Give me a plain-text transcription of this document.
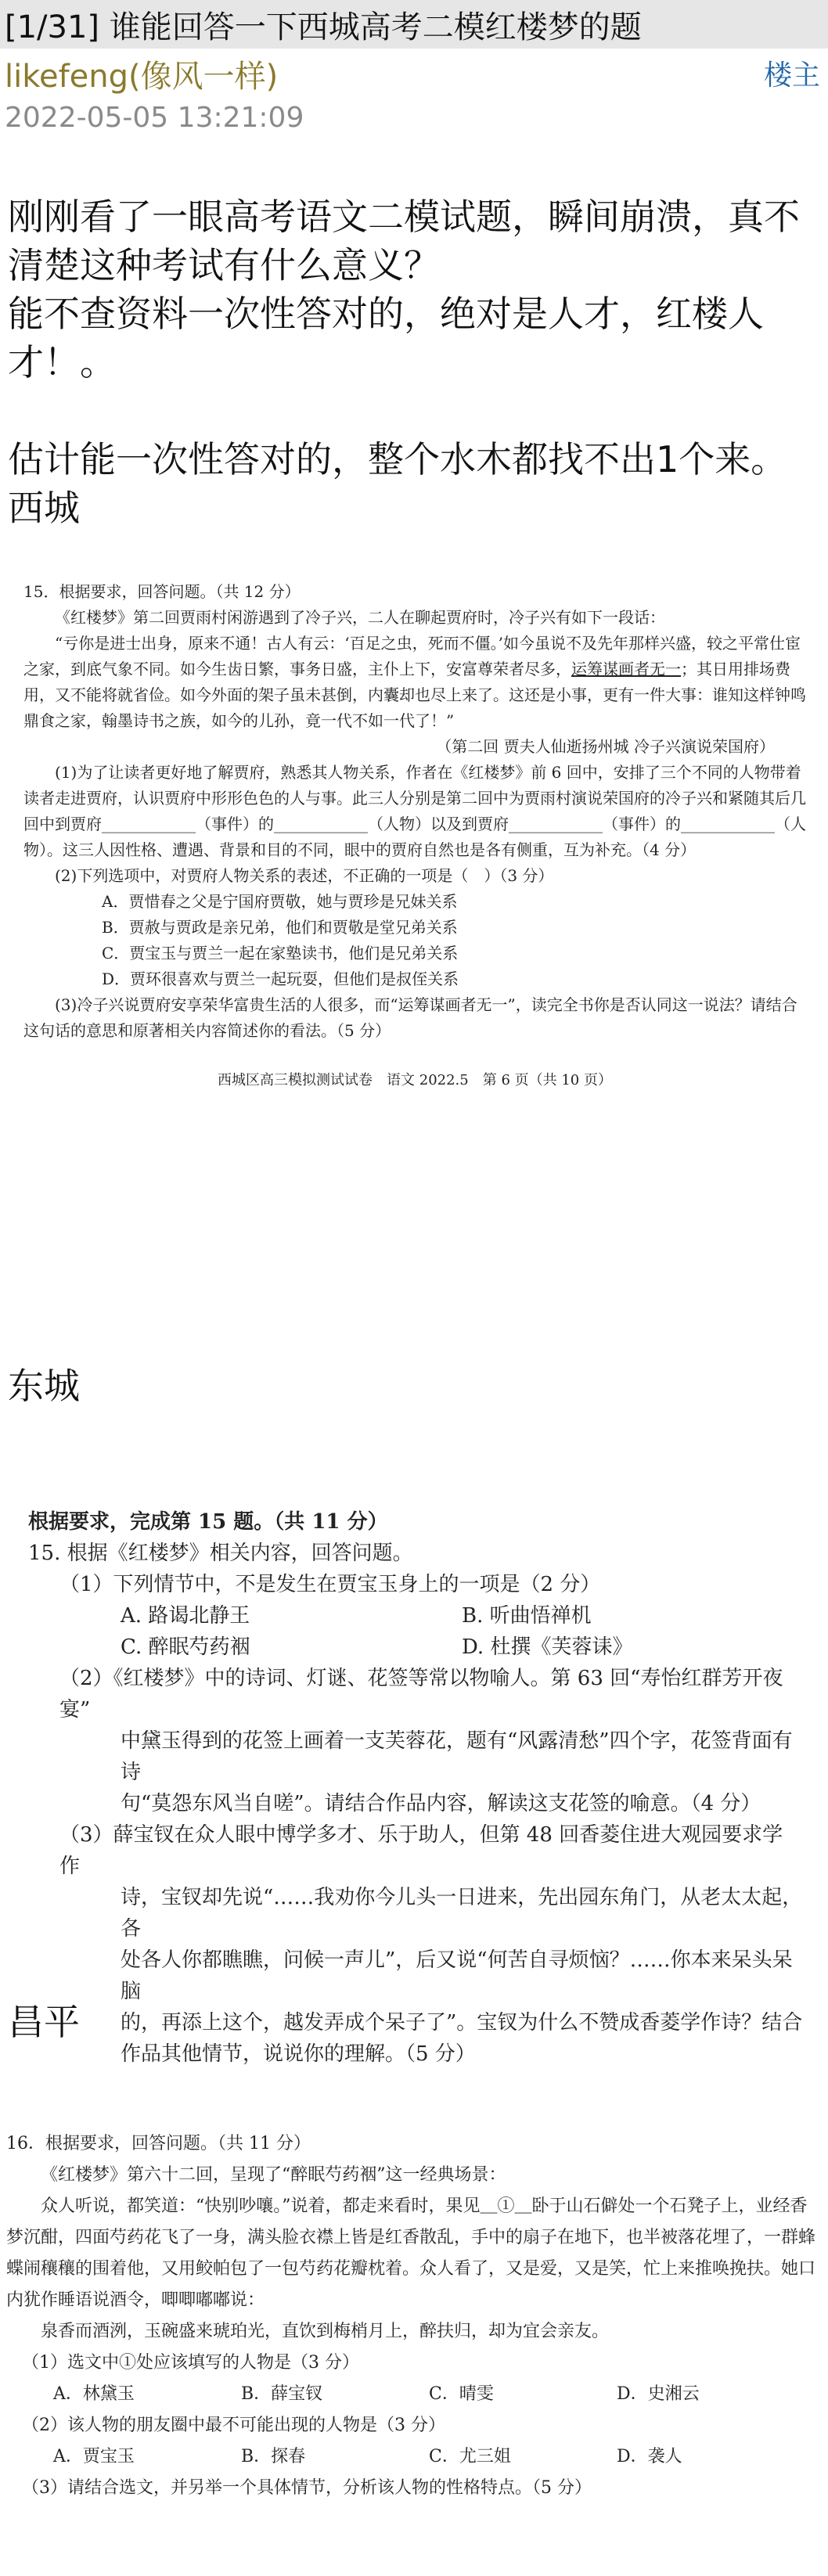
[1/31] 谁能回答一下西城高考二模红楼梦的题
likefeng(像风一样)	楼主
2022-05-05 13:21:09

刚刚看了一眼高考语文二模试题，瞬间崩溃，真不清楚这种考试有什么意义？

能不查资料一次性答对的，绝对是人才，红楼人才！。

估计能一次性答对的，整个水木都找不出1个来。

西城

15．根据要求，回答问题。（共 12 分）

《红楼梦》第二回贾雨村闲游遇到了冷子兴，二人在聊起贾府时，冷子兴有如下一段话：

“亏你是进士出身，原来不通！古人有云：‘百足之虫，死而不僵。’如今虽说不及先年那样兴盛，较之平常仕宦之家，到底气象不同。如今生齿日繁，事务日盛，主仆上下，安富尊荣者尽多，运筹谋画者无一；其日用排场费用，又不能将就省俭。如今外面的架子虽未甚倒，内囊却也尽上来了。这还是小事，更有一件大事：谁知这样钟鸣鼎食之家，翰墨诗书之族，如今的儿孙，竟一代不如一代了！”

（第二回 贾夫人仙逝扬州城 冷子兴演说荣国府）

(1)为了让读者更好地了解贾府，熟悉其人物关系，作者在《红楼梦》前 6 回中，安排了三个不同的人物带着读者走进贾府，认识贾府中形形色色的人与事。此三人分别是第二回中为贾雨村演说荣国府的冷子兴和紧随其后几回中到贾府____________（事件）的____________（人物）以及到贾府____________（事件）的____________（人物）。这三人因性格、遭遇、背景和目的不同，眼中的贾府自然也是各有侧重，互为补充。（4 分）

(2)下列选项中，对贾府人物关系的表述，不正确的一项是（　）（3 分）

A．贾惜春之父是宁国府贾敬，她与贾珍是兄妹关系

B．贾赦与贾政是亲兄弟，他们和贾敬是堂兄弟关系

C．贾宝玉与贾兰一起在家塾读书，他们是兄弟关系

D．贾环很喜欢与贾兰一起玩耍，但他们是叔侄关系

(3)冷子兴说贾府安享荣华富贵生活的人很多，而“运筹谋画者无一”，读完全书你是否认同这一说法？请结合这句话的意思和原著相关内容简述你的看法。（5 分）

西城区高三模拟测试试卷　语文 2022.5　第 6 页（共 10 页）

东城

根据要求，完成第 15 题。（共 11 分）

15. 根据《红楼梦》相关内容，回答问题。

（1）下列情节中，不是发生在贾宝玉身上的一项是（2 分）

A. 路谒北静王	B. 听曲悟禅机
C. 醉眠芍药裀	D. 杜撰《芙蓉诔》

（2）《红楼梦》中的诗词、灯谜、花签等常以物喻人。第 63 回“寿怡红群芳开夜宴”

中黛玉得到的花签上画着一支芙蓉花，题有“风露清愁”四个字，花签背面有诗

句“莫怨东风当自嗟”。请结合作品内容，解读这支花签的喻意。（4 分）

（3）薛宝钗在众人眼中博学多才、乐于助人，但第 48 回香菱住进大观园要求学作

诗，宝钗却先说“……我劝你今儿头一日进来，先出园东角门，从老太太起，各

处各人你都瞧瞧，问候一声儿”，后又说“何苦自寻烦恼？……你本来呆头呆脑

的，再添上这个，越发弄成个呆子了”。宝钗为什么不赞成香菱学作诗？结合

作品其他情节，说说你的理解。（5 分）

昌平

16．根据要求，回答问题。（共 11 分）

《红楼梦》第六十二回，呈现了“醉眠芍药裀”这一经典场景：

众人听说，都笑道：“快别吵嚷。”说着，都走来看时，果见＿①＿卧于山石僻处一个石凳子上，业经香梦沉酣，四面芍药花飞了一身，满头脸衣襟上皆是红香散乱，手中的扇子在地下，也半被落花埋了，一群蜂蝶闹穰穰的围着他，又用鲛帕包了一包芍药花瓣枕着。众人看了，又是爱，又是笑，忙上来推唤挽扶。她口内犹作睡语说酒令，唧唧嘟嘟说：

泉香而酒洌，玉碗盛来琥珀光，直饮到梅梢月上，醉扶归，却为宜会亲友。

（1）选文中①处应该填写的人物是（3 分）

A．林黛玉	B．薛宝钗	C．晴雯	D．史湘云

（2）该人物的朋友圈中最不可能出现的人物是（3 分）

A．贾宝玉	B．探春	C．尤三姐	D．袭人

（3）请结合选文，并另举一个具体情节，分析该人物的性格特点。（5 分）
